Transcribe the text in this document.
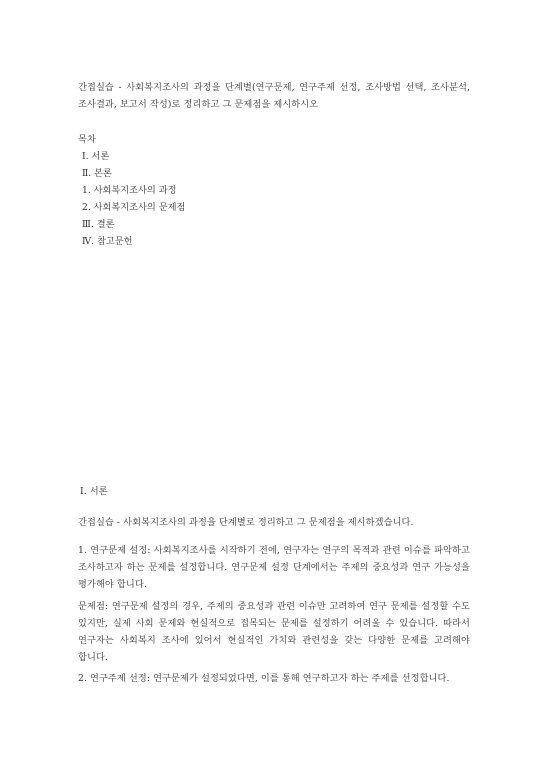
간접실습 - 사회복지조사의 과정을 단계별(연구문제, 연구주제 선정, 조사방법 선택, 조사분석, 조사결과, 보고서 작성)로 정리하고 그 문제점을 제시하시오

목차

Ⅰ. 서론
Ⅱ. 본론
1. 사회복지조사의 과정
2. 사회복지조사의 문제점
Ⅲ. 결론
Ⅳ. 참고문헌

Ⅰ. 서론

간접실습 - 사회복지조사의 과정을 단계별로 정리하고 그 문제점을 제시하겠습니다.

1. 연구문제 설정: 사회복지조사를 시작하기 전에, 연구자는 연구의 목적과 관련 이슈를 파악하고 조사하고자 하는 문제를 설정합니다. 연구문제 설정 단계에서는 주제의 중요성과 연구 가능성을 평가해야 합니다.

문제점: 연구문제 설정의 경우, 주제의 중요성과 관련 이슈만 고려하여 연구 문제를 설정할 수도 있지만, 실제 사회 문제와 현실적으로 접목되는 문제를 설정하기 어려울 수 있습니다. 따라서 연구자는 사회복지 조사에 있어서 현실적인 가치와 관련성을 갖는 다양한 문제를 고려해야 합니다.

2. 연구주제 선정: 연구문제가 설정되었다면, 이를 통해 연구하고자 하는 주제를 선정합니다.
